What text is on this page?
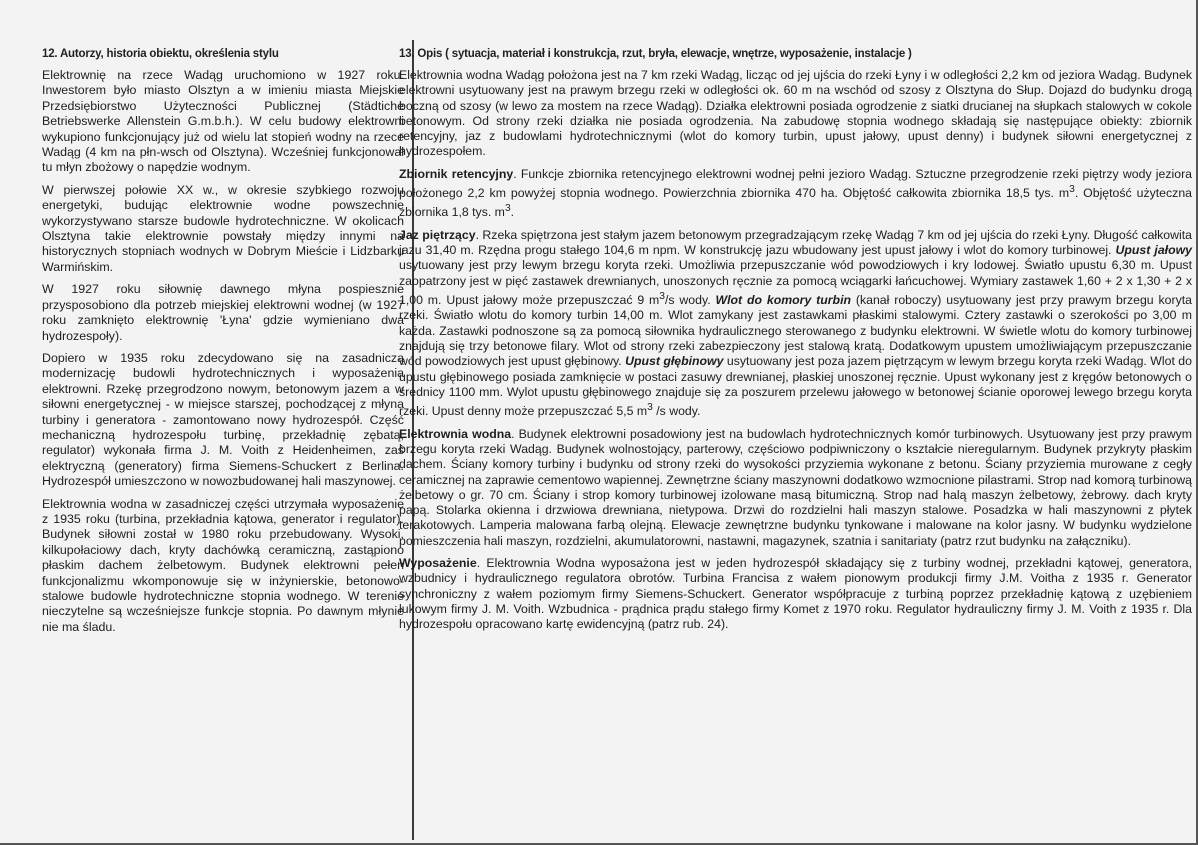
12. Autorzy, historia obiektu, określenia stylu

Elektrownię na rzece Wadąg uruchomiono w 1927 roku. Inwestorem było miasto Olsztyn a w imieniu miasta Miejskie Przedsiębiorstwo Użyteczności Publicznej (Städtiche Betriebswerke Allenstein G.m.b.h.). W celu budowy elektrowni wykupiono funkcjonujący już od wielu lat stopień wodny na rzece Wadąg (4 km na płn-wsch od Olsztyna). Wcześniej funkcjonował tu młyn zbożowy o napędzie wodnym.

W pierwszej połowie XX w., w okresie szybkiego rozwoju energetyki, budując elektrownie wodne powszechnie wykorzystywano starsze budowle hydrotechniczne. W okolicach Olsztyna takie elektrownie powstały między innymi na historycznych stopniach wodnych w Dobrym Mieście i Lidzbarku Warmińskim.

W 1927 roku siłownię dawnego młyna pospiesznie przysposobiono dla potrzeb miejskiej elektrowni wodnej (w 1927 roku zamknięto elektrownię 'Łyna' gdzie wymieniano dwa hydrozespoły).

Dopiero w 1935 roku zdecydowano się na zasadniczą modernizację budowli hydrotechnicznych i wyposażenia elektrowni. Rzekę przegrodzono nowym, betonowym jazem a w siłowni energetycznej - w miejsce starszej, pochodzącej z młyna turbiny i generatora - zamontowano nowy hydrozespół. Część mechaniczną hydrozespołu turbinę, przekładnię zębatą, regulator) wykonała firma J. M. Voith z Heidenheimen, zaś elektryczną (generatory) firma Siemens-Schuckert z Berlina. Hydrozespół umieszczono w nowozbudowanej hali maszynowej.

Elektrownia wodna w zasadniczej części utrzymała wyposażenie z 1935 roku (turbina, przekładnia kątowa, generator i regulator). Budynek siłowni został w 1980 roku przebudowany. Wysoki, kilkupołaciowy dach, kryty dachówką ceramiczną, zastąpiono płaskim dachem żelbetowym. Budynek elektrowni pełen funkcjonalizmu wkomponowuje się w inżynierskie, betonowo-stalowe budowle hydrotechniczne stopnia wodnego. W terenie nieczytelne są wcześniejsze funkcje stopnia. Po dawnym młynie nie ma śladu.

13. Opis ( sytuacja, materiał i konstrukcja, rzut, bryła, elewacje, wnętrze, wyposażenie, instalacje )

Elektrownia wodna Wadąg położona jest na 7 km rzeki Wadąg, licząc od jej ujścia do rzeki Łyny i w odległości 2,2 km od jeziora Wadąg. Budynek elektrowni usytuowany jest na prawym brzegu rzeki w odległości ok. 60 m na wschód od szosy z Olsztyna do Słup. Dojazd do budynku drogą boczną od szosy (w lewo za mostem na rzece Wadąg). Działka elektrowni posiada ogrodzenie z siatki drucianej na słupkach stalowych w cokole betonowym. Od strony rzeki działka nie posiada ogrodzenia. Na zabudowę stopnia wodnego składają się następujące obiekty: zbiornik retencyjny, jaz z budowlami hydrotechnicznymi (wlot do komory turbin, upust jałowy, upust denny) i budynek siłowni energetycznej z hydrozespołem.

Zbiornik retencyjny. Funkcje zbiornika retencyjnego elektrowni wodnej pełni jezioro Wadąg. Sztuczne przegrodzenie rzeki piętrzy wody jeziora położonego 2,2 km powyżej stopnia wodnego. Powierzchnia zbiornika 470 ha. Objętość całkowita zbiornika 18,5 tys. $m^3$. Objętość użyteczna zbiornika 1,8 tys. $m^3$.

Jaz piętrzący. Rzeka spiętrzona jest stałym jazem betonowym przegradzającym rzekę Wadąg 7 km od jej ujścia do rzeki Łyny. Długość całkowita jazu 31,40 m. Rzędna progu stałego 104,6 m npm. W konstrukcję jazu wbudowany jest upust jałowy i wlot do komory turbinowej. Upust jałowy usytuowany jest przy lewym brzegu koryta rzeki. Umożliwia przepuszczanie wód powodziowych i kry lodowej. Światło upustu 6,30 m. Upust zaopatrzony jest w pięć zastawek drewnianych, unoszonych ręcznie za pomocą wciągarki łańcuchowej. Wymiary zastawek 1,60 + 2 x 1,30 + 2 x 1,00 m. Upust jałowy może przepuszczać 9 $m^3/s$ wody. Wlot do komory turbin (kanał roboczy) usytuowany jest przy prawym brzegu koryta rzeki. Światło wlotu do komory turbin 14,00 m. Wlot zamykany jest zastawkami płaskimi stalowymi. Cztery zastawki o szerokości po 3,00 m każda. Zastawki podnoszone są za pomocą siłownika hydraulicznego sterowanego z budynku elektrowni. W świetle wlotu do komory turbinowej znajdują się trzy betonowe filary. Wlot od strony rzeki zabezpieczony jest stalową kratą. Dodatkowym upustem umożliwiającym przepuszczanie wód powodziowych jest upust głębinowy. Upust głębinowy usytuowany jest poza jazem piętrzącym w lewym brzegu koryta rzeki Wadąg. Wlot do upustu głębinowego posiada zamknięcie w postaci zasuwy drewnianej, płaskiej unoszonej ręcznie. Upust wykonany jest z kręgów betonowych o średnicy 1100 mm. Wylot upustu głębinowego znajduje się za poszurem przelewu jałowego w betonowej ścianie oporowej lewego brzegu koryta rzeki. Upust denny może przepuszczać 5,5 $m^3$ /s wody.

Elektrownia wodna. Budynek elektrowni posadowiony jest na budowlach hydrotechnicznych komór turbinowych. Usytuowany jest przy prawym brzegu koryta rzeki Wadąg. Budynek wolnostojący, parterowy, częściowo podpiwniczony o kształcie nieregularnym. Budynek przykryty płaskim dachem. Ściany komory turbiny i budynku od strony rzeki do wysokości przyziemia wykonane z betonu. Ściany przyziemia murowane z cegły ceramicznej na zaprawie cementowo wapiennej. Zewnętrzne ściany maszynowni dodatkowo wzmocnione pilastrami. Strop nad komorą turbinową żelbetowy o gr. 70 cm. Ściany i strop komory turbinowej izolowane masą bitumiczną. Strop nad halą maszyn żelbetowy, żebrowy. dach kryty papą. Stolarka okienna i drzwiowa drewniana, nietypowa. Drzwi do rozdzielni hali maszyn stalowe. Posadzka w hali maszynowni z płytek terakotowych. Lamperia malowana farbą olejną. Elewacje zewnętrzne budynku tynkowane i malowane na kolor jasny. W budynku wydzielone pomieszczenia hali maszyn, rozdzielni, akumulatorowni, nastawni, magazynek, szatnia i sanitariaty (patrz rzut budynku na załączniku).

Wyposażenie. Elektrownia Wodna wyposażona jest w jeden hydrozespół składający się z turbiny wodnej, przekładni kątowej, generatora, wzbudnicy i hydraulicznego regulatora obrotów. Turbina Francisa z wałem pionowym produkcji firmy J.M. Voitha z 1935 r. Generator synchroniczny z wałem poziomym firmy Siemens-Schuckert. Generator współpracuje z turbiną poprzez przekładnię kątową z uzębieniem łukowym firmy J. M. Voith. Wzbudnica - prądnica prądu stałego firmy Komet z 1970 roku. Regulator hydrauliczny firmy J. M. Voith z 1935 r. Dla hydrozespołu opracowano kartę ewidencyjną (patrz rub. 24).
